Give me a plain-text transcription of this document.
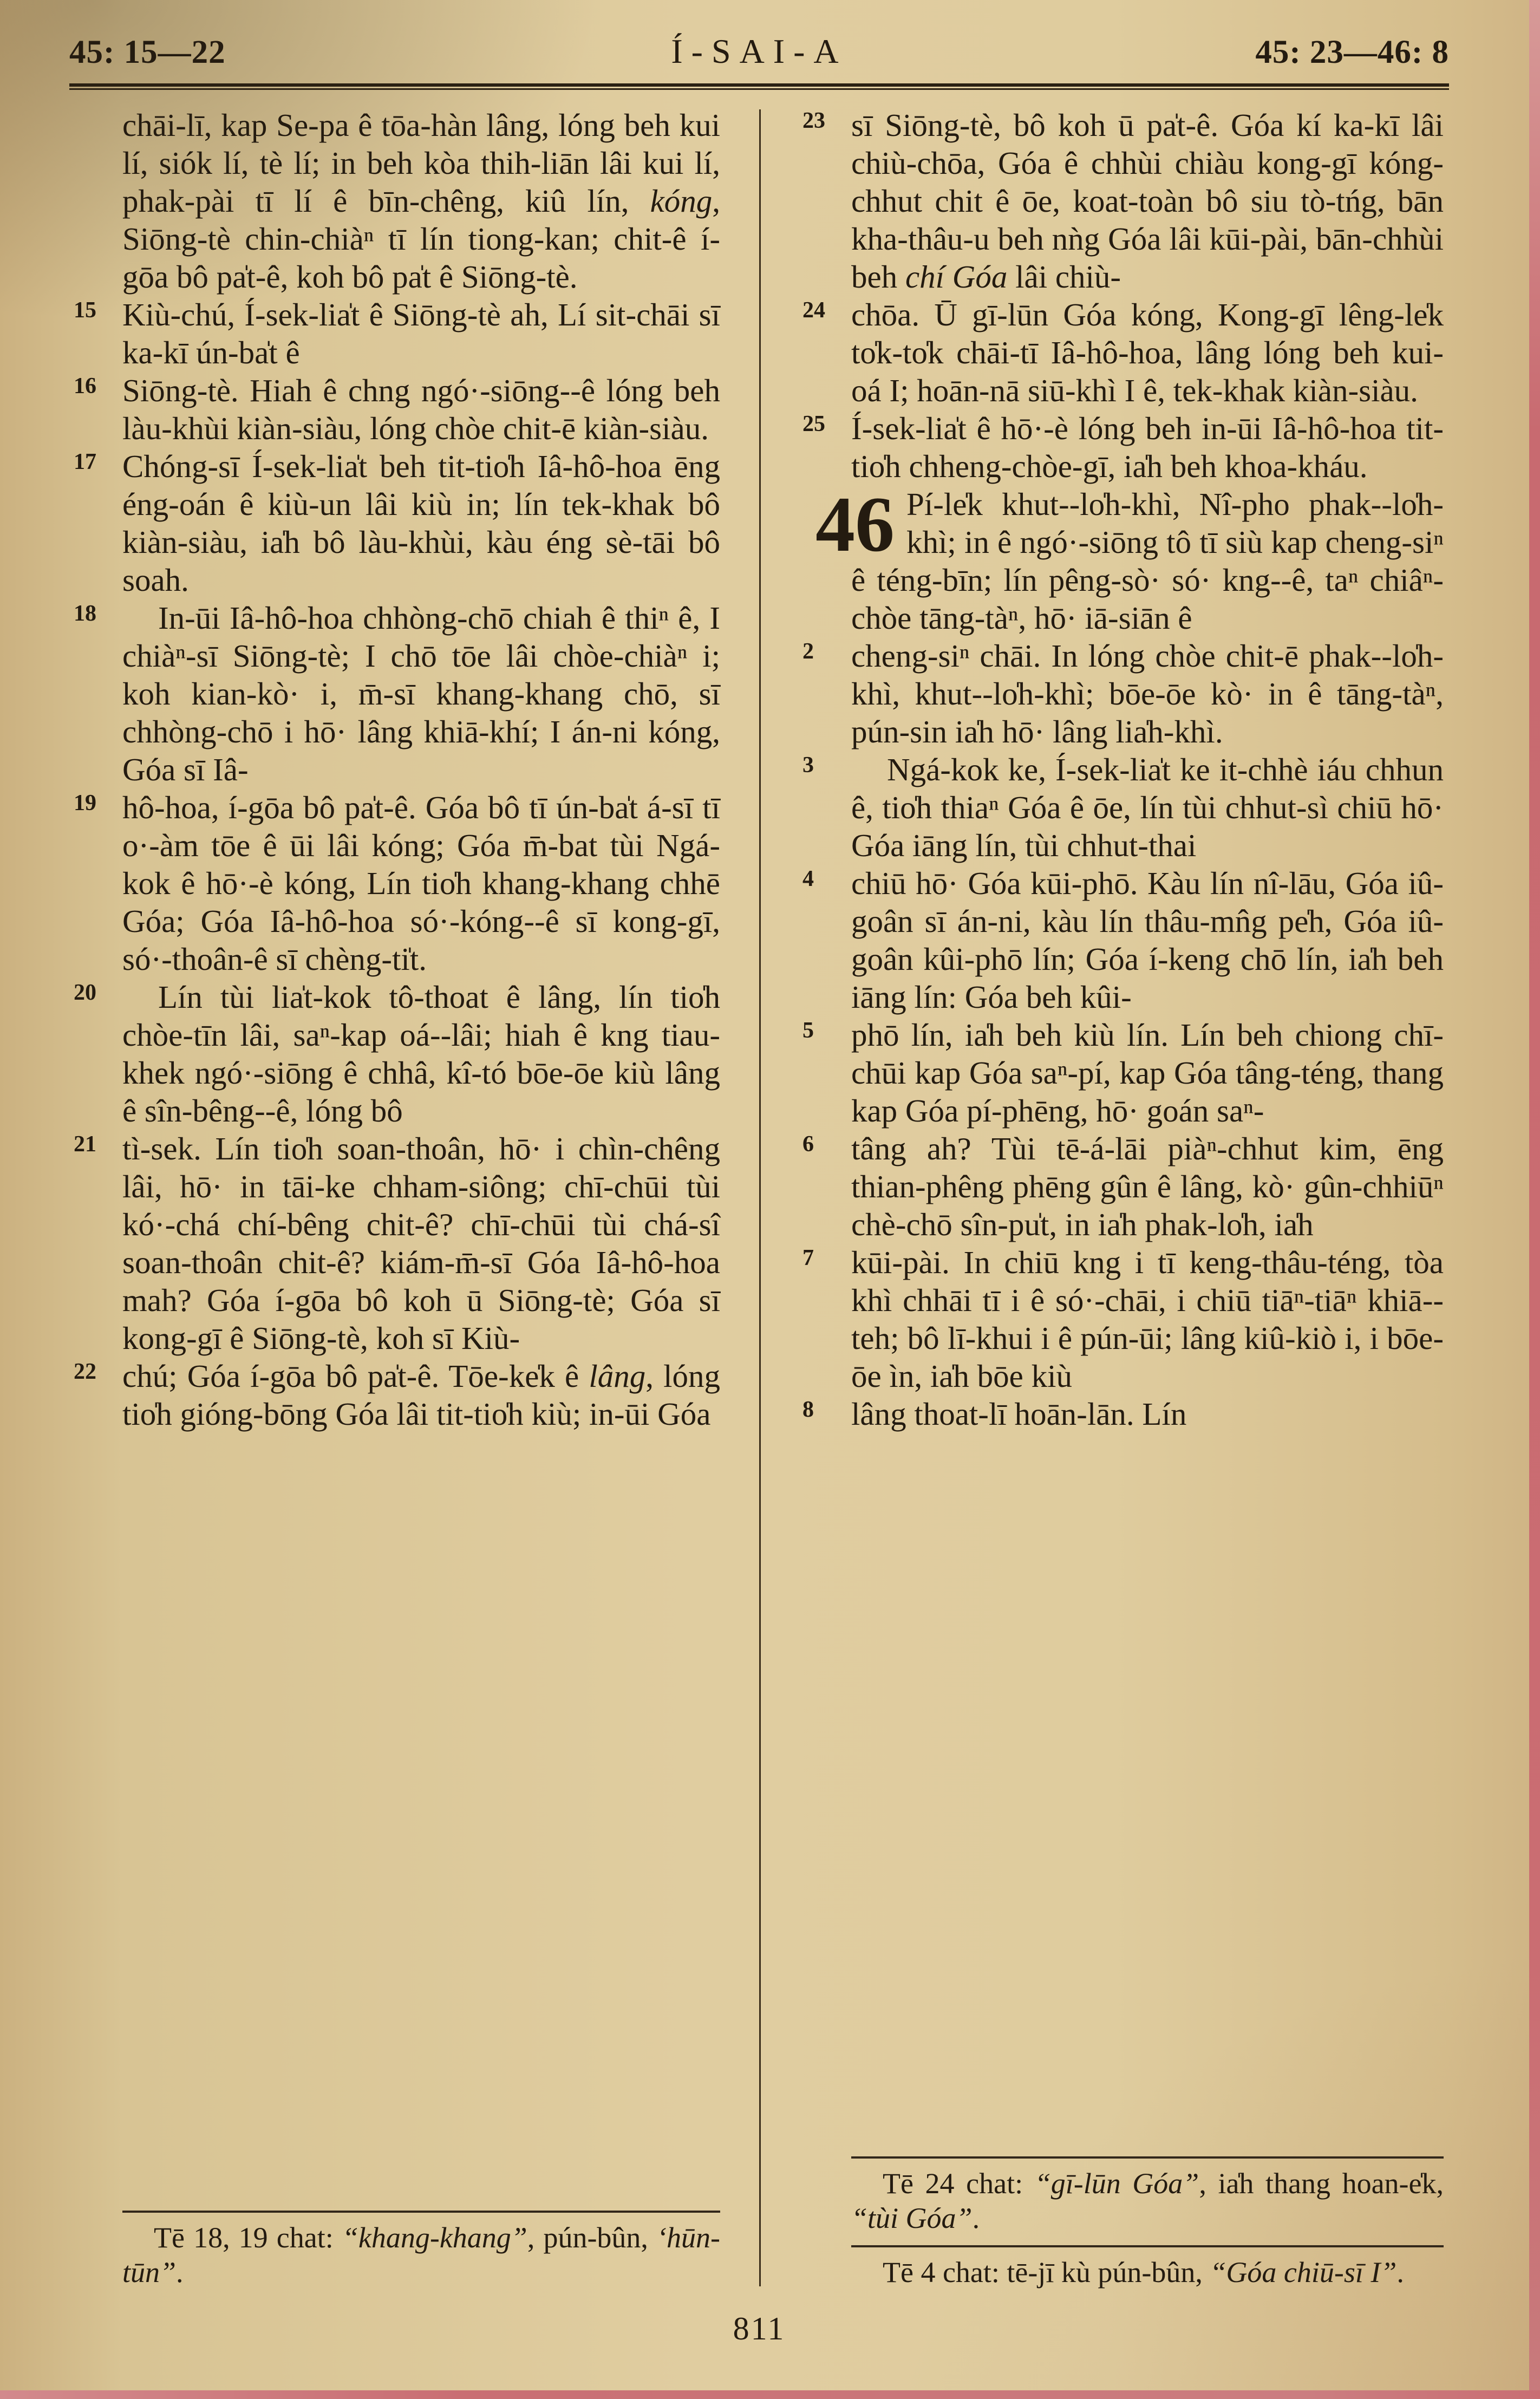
45: 15—22	Í-SAI-A	45: 23—46: 8

chāi-lī, kap Se-pa ê tōa-hàn lâng, lóng beh kui lí, siók lí, tè lí; in beh kòa thih-liān lâi kui lí, phak-pài tī lí ê bīn-chêng, kiû lín, kóng, Siōng-tè chin-chiàⁿ tī lín tiong-kan; chit-ê í-gōa bô pa̍t-ê, koh bô pa̍t ê Siōng-tè.

15 Kiù-chú, Í-sek-lia̍t ê Siōng-tè ah, Lí sit-chāi sī ka-kī ún-ba̍t ê

16 Siōng-tè. Hiah ê chng ngó·-siōng--ê lóng beh làu-khùi kiàn-siàu, lóng chòe chit-ē kiàn-siàu.

17 Chóng-sī Í-sek-lia̍t beh tit-tio̍h Iâ-hô-hoa ēng éng-oán ê kiù-un lâi kiù in; lín tek-khak bô kiàn-siàu, ia̍h bô làu-khùi, kàu éng sè-tāi bô soah.

18 In-ūi Iâ-hô-hoa chhòng-chō chiah ê thiⁿ ê, I chiàⁿ-sī Siōng-tè; I chō tōe lâi chòe-chiàⁿ i; koh kian-kò· i, m̄-sī khang-khang chō, sī chhòng-chō i hō· lâng khiā-khí; I án-ni kóng, Góa sī Iâ-

19 hô-hoa, í-gōa bô pa̍t-ê. Góa bô tī ún-ba̍t á-sī tī o·-àm tōe ê ūi lâi kóng; Góa m̄-bat tùi Ngá-kok ê hō·-è kóng, Lín tio̍h khang-khang chhē Góa; Góa Iâ-hô-hoa só·-kóng--ê sī kong-gī, só·-thoân-ê sī chèng-ti̍t.

20 Lín tùi lia̍t-kok tô-thoat ê lâng, lín tio̍h chòe-tīn lâi, saⁿ-kap oá--lâi; hiah ê kng tiau-khek ngó·-siōng ê chhâ, kî-tó bōe-ōe kiù lâng ê sîn-bêng--ê, lóng bô

21 tì-sek. Lín tio̍h soan-thoân, hō· i chìn-chêng lâi, hō· in tāi-ke chham-siông; chī-chūi tùi kó·-chá chí-bêng chit-ê? chī-chūi tùi chá-sî soan-thoân chit-ê? kiám-m̄-sī Góa Iâ-hô-hoa mah? Góa í-gōa bô koh ū Siōng-tè; Góa sī kong-gī ê Siōng-tè, koh sī Kiù-

22 chú; Góa í-gōa bô pa̍t-ê. Tōe-ke̍k ê lâng, lóng tio̍h gióng-bōng Góa lâi tit-tio̍h kiù; in-ūi Góa

Tē 18, 19 chat: “khang-khang”, pún-bûn, ‘hūn-tūn”.

23 sī Siōng-tè, bô koh ū pa̍t-ê. Góa kí ka-kī lâi chiù-chōa, Góa ê chhùi chiàu kong-gī kóng-chhut chit ê ōe, koat-toàn bô siu tò-tńg, bān kha-thâu-u beh nǹg Góa lâi kūi-pài, bān-chhùi beh chí Góa lâi chiù-

24 chōa. Ū gī-lūn Góa kóng, Kong-gī lêng-le̍k to̍k-to̍k chāi-tī Iâ-hô-hoa, lâng lóng beh kui-oá I; hoān-nā siū-khì I ê, tek-khak kiàn-siàu.

25 Í-sek-lia̍t ê hō·-è lóng beh in-ūi Iâ-hô-hoa tit-tio̍h chheng-chòe-gī, ia̍h beh khoa-kháu.

46 Pí-le̍k khut--lo̍h-khì, Nî-pho phak--lo̍h-khì; in ê ngó·-siōng tô tī siù kap cheng-siⁿ ê téng-bīn; lín pêng-sò· só· kng--ê, taⁿ chiâⁿ-chòe tāng-tàⁿ, hō· iā-siān ê

2 cheng-siⁿ chāi. In lóng chòe chit-ē phak--lo̍h-khì, khut--lo̍h-khì; bōe-ōe kò· in ê tāng-tàⁿ, pún-sin ia̍h hō· lâng lia̍h-khì.

3 Ngá-kok ke, Í-sek-lia̍t ke it-chhè iáu chhun ê, tio̍h thiaⁿ Góa ê ōe, lín tùi chhut-sì chiū hō· Góa iāng lín, tùi chhut-thai

4 chiū hō· Góa kūi-phō. Kàu lín nî-lāu, Góa iû-goân sī án-ni, kàu lín thâu-mn̂g pe̍h, Góa iû-goân kûi-phō lín; Góa í-keng chō lín, ia̍h beh iāng lín: Góa beh kûi-

5 phō lín, ia̍h beh kiù lín. Lín beh chiong chī-chūi kap Góa saⁿ-pí, kap Góa tâng-téng, thang kap Góa pí-phēng, hō· goán saⁿ-

6 tâng ah? Tùi tē-á-lāi piàⁿ-chhut kim, ēng thian-phêng phēng gûn ê lâng, kò· gûn-chhiūⁿ chè-chō sîn-pu̍t, in ia̍h phak-lo̍h, ia̍h

7 kūi-pài. In chiū kng i tī keng-thâu-téng, tòa khì chhāi tī i ê só·-chāi, i chiū tiāⁿ-tiāⁿ khiā--teh; bô lī-khui i ê pún-ūi; lâng kiû-kiò i, i bōe-ōe ìn, ia̍h bōe kiù

8 lâng thoat-lī hoān-lān. Lín

Tē 24 chat: “gī-lūn Góa”, ia̍h thang hoan-e̍k, “tùi Góa”.

Tē 4 chat: tē-jī kù pún-bûn, “Góa chiū-sī I”.

811
